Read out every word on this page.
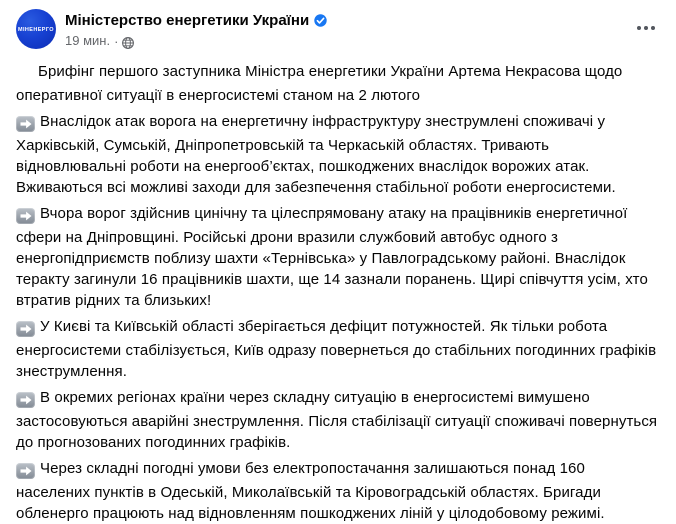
МІНЕНЕРГО
Міністерство енергетики України
19 мин. ·

Брифінг першого заступника Міністра енергетики України Артема Некрасова щодо оперативної ситуації в енергосистемі станом на 2 лютого

Внаслідок атак ворога на енергетичну інфраструктуру знеструмлені споживачі у Харківській, Сумській, Дніпропетровській та Черкаській областях. Тривають відновлювальні роботи на енергооб’єктах, пошкоджених внаслідок ворожих атак. Вживаються всі можливі заходи для забезпечення стабільної роботи енергосистеми.

Вчора ворог здійснив цинічну та цілеспрямовану атаку на працівників енергетичної сфери на Дніпровщині. Російські дрони вразили службовий автобус одного з енергопідприємств поблизу шахти «Тернівська» у Павлоградському районі. Внаслідок теракту загинули 16 працівників шахти, ще 14 зазнали поранень. Щирі співчуття усім, хто втратив рідних та близьких!

У Києві та Київській області зберігається дефіцит потужностей. Як тільки робота енергосистеми стабілізується, Київ одразу повернеться до стабільних погодинних графіків знеструмлення.

В окремих регіонах країни через складну ситуацію в енергосистемі вимушено застосовуються аварійні знеструмлення. Після стабілізації ситуації споживачі повернуться до прогнозованих погодинних графіків.

Через складні погодні умови без електропостачання залишаються понад 160 населених пунктів в Одеській, Миколаївській та Кіровоградській областях. Бригади обленерго працюють над відновленням пошкоджених ліній у цілодобовому режимі.
